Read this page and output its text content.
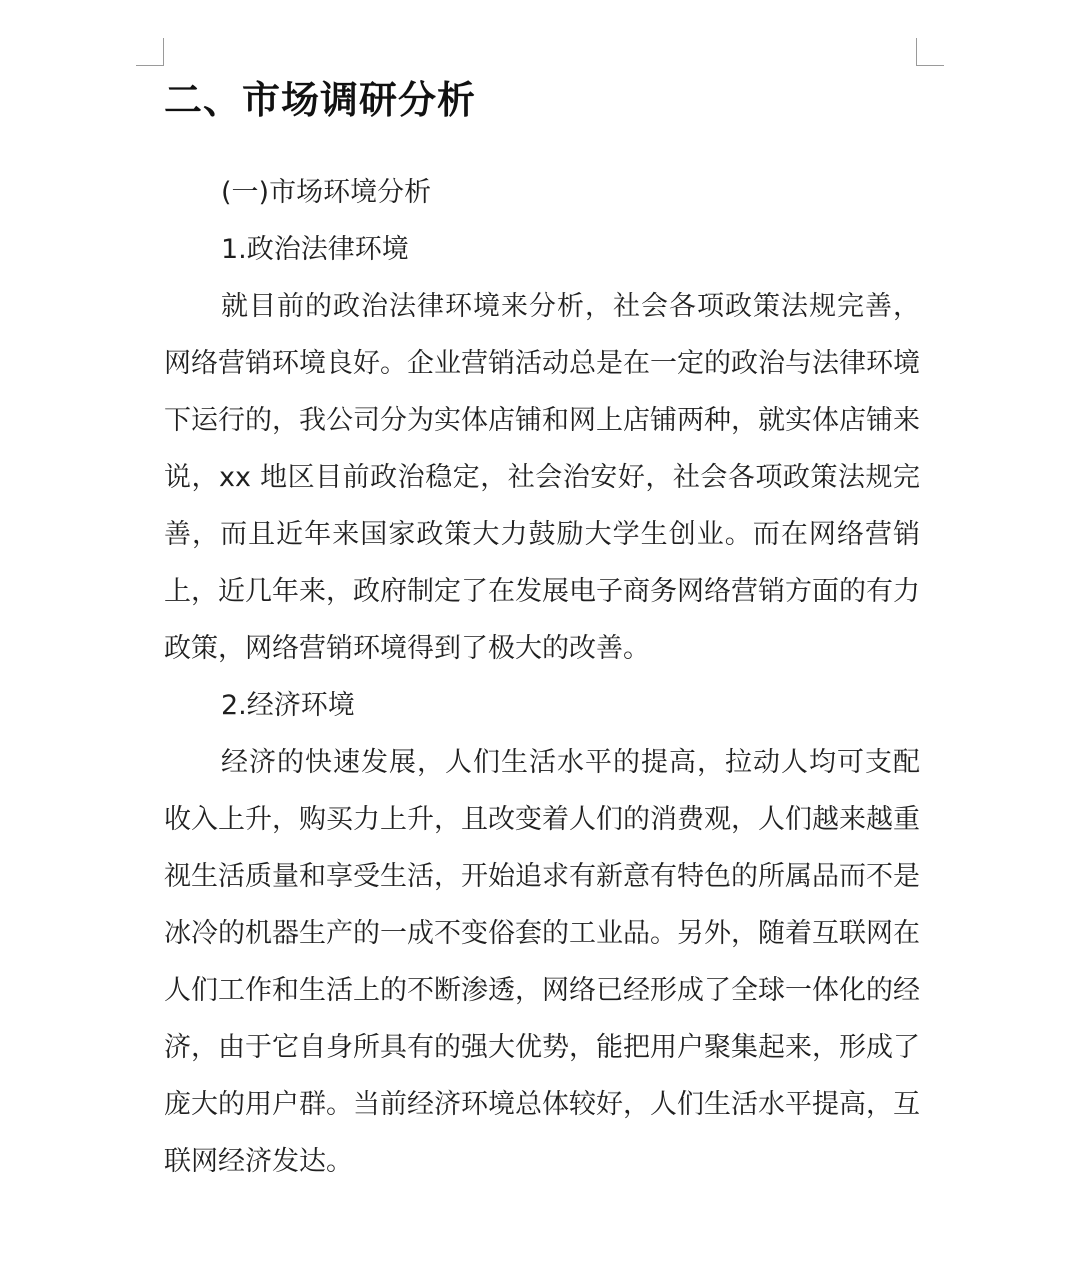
二、市场调研分析

(一)市场环境分析

1.政治法律环境

就目前的政治法律环境来分析，社会各项政策法规完善，网络营销环境良好。企业营销活动总是在一定的政治与法律环境下运行的，我公司分为实体店铺和网上店铺两种，就实体店铺来说，xx 地区目前政治稳定，社会治安好，社会各项政策法规完善，而且近年来国家政策大力鼓励大学生创业。而在网络营销上，近几年来，政府制定了在发展电子商务网络营销方面的有力政策，网络营销环境得到了极大的改善。

2.经济环境

经济的快速发展，人们生活水平的提高，拉动人均可支配收入上升，购买力上升，且改变着人们的消费观，人们越来越重视生活质量和享受生活，开始追求有新意有特色的所属品而不是冰冷的机器生产的一成不变俗套的工业品。另外，随着互联网在人们工作和生活上的不断渗透，网络已经形成了全球一体化的经济，由于它自身所具有的强大优势，能把用户聚集起来，形成了庞大的用户群。当前经济环境总体较好，人们生活水平提高，互联网经济发达。
